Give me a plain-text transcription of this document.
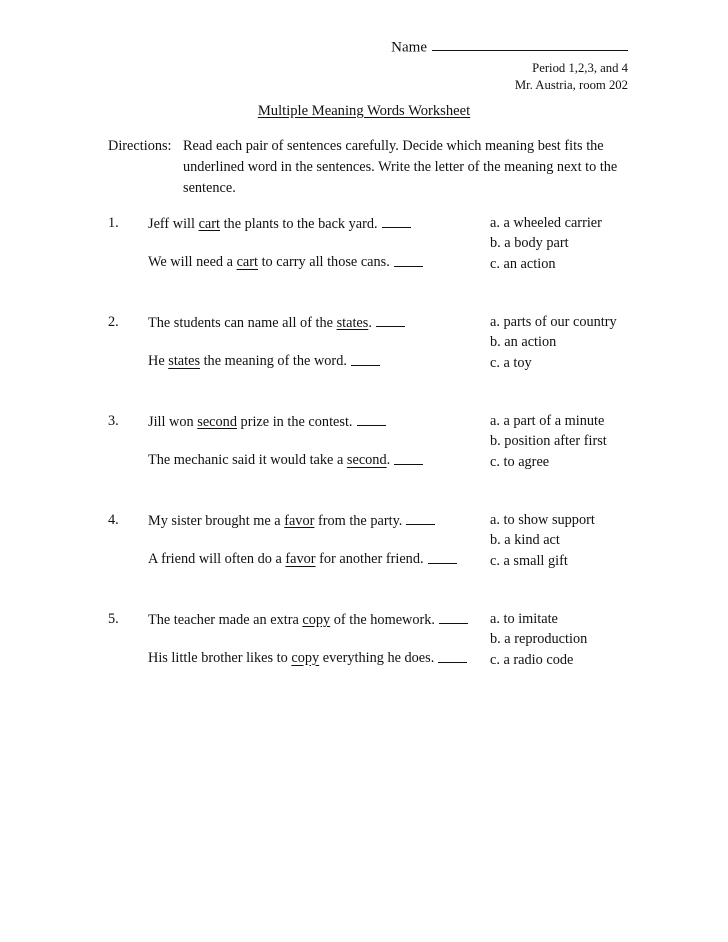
Name
Period 1,2,3, and 4
Mr. Austria, room 202
Multiple Meaning Words Worksheet
Directions: Read each pair of sentences carefully. Decide which meaning best fits the underlined word in the sentences. Write the letter of the meaning next to the sentence.
1. Jeff will cart the plants to the back yard.
We will need a cart to carry all those cans.
a. a wheeled carrier
b. a body part
c. an action
2. The students can name all of the states.
He states the meaning of the word.
a. parts of our country
b. an action
c. a toy
3. Jill won second prize in the contest.
The mechanic said it would take a second.
a. a part of a minute
b. position after first
c. to agree
4. My sister brought me a favor from the party.
A friend will often do a favor for another friend.
a. to show support
b. a kind act
c. a small gift
5. The teacher made an extra copy of the homework.
His little brother likes to copy everything he does.
a. to imitate
b. a reproduction
c. a radio code
